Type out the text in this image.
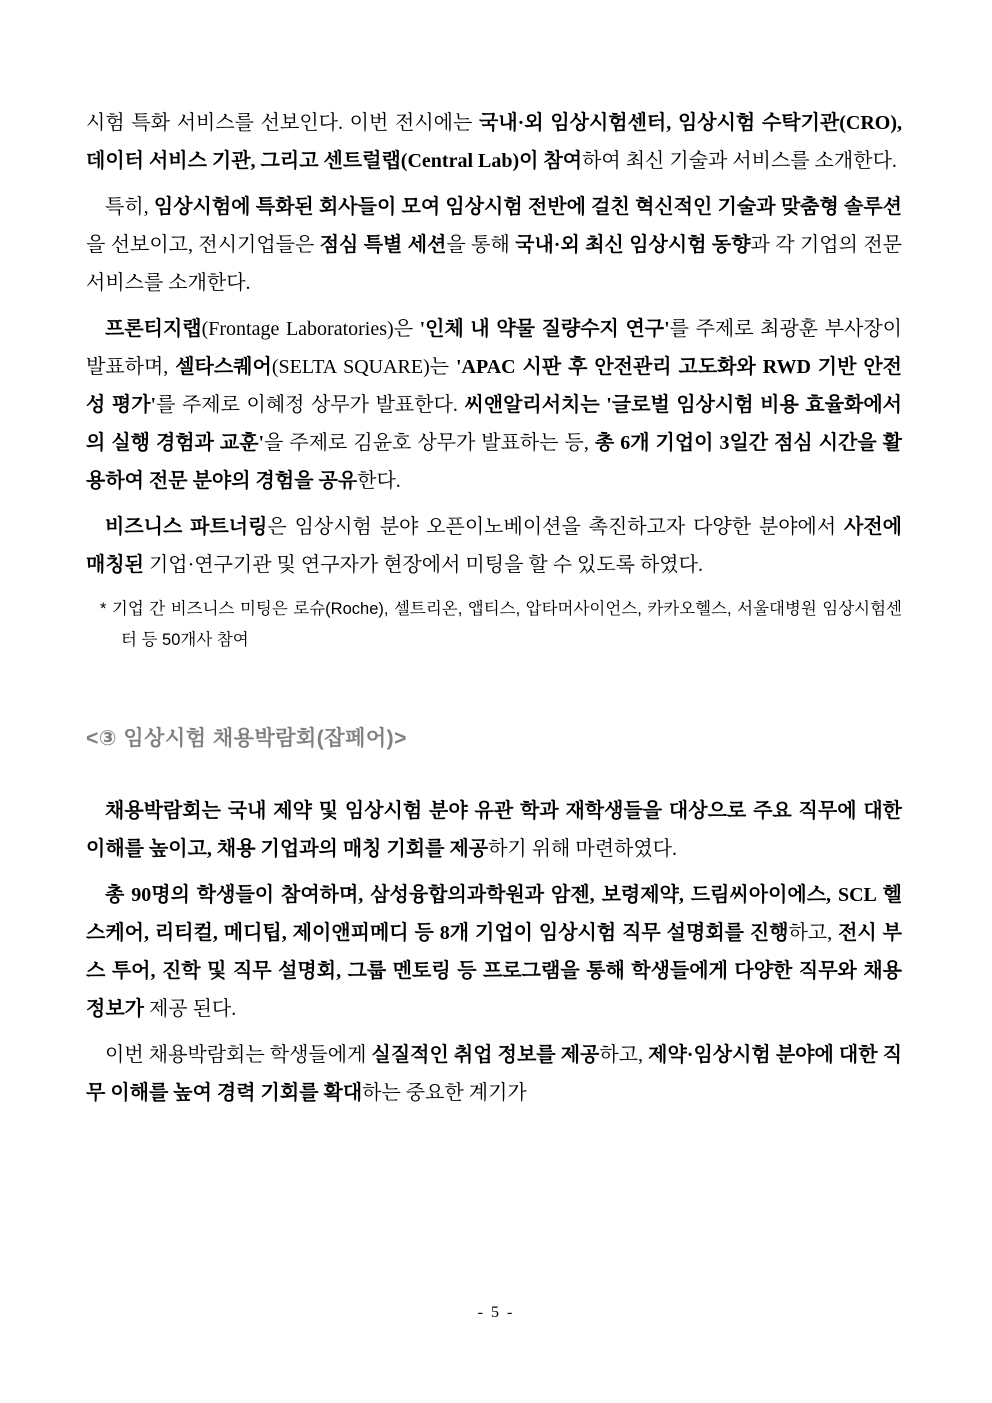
시험 특화 서비스를 선보인다. 이번 전시에는 국내·외 임상시험센터, 임상시험 수탁기관(CRO), 데이터 서비스 기관, 그리고 센트럴랩(Central Lab)이 참여하여 최신 기술과 서비스를 소개한다.

특히, 임상시험에 특화된 회사들이 모여 임상시험 전반에 걸친 혁신적인 기술과 맞춤형 솔루션을 선보이고, 전시기업들은 점심 특별 세션을 통해 국내·외 최신 임상시험 동향과 각 기업의 전문 서비스를 소개한다.

프론티지랩(Frontage Laboratories)은 '인체 내 약물 질량수지 연구'를 주제로 최광훈 부사장이 발표하며, 셀타스퀘어(SELTA SQUARE)는 'APAC 시판 후 안전관리 고도화와 RWD 기반 안전성 평가'를 주제로 이혜정 상무가 발표한다. 씨앤알리서치는 '글로벌 임상시험 비용 효율화에서의 실행 경험과 교훈'을 주제로 김윤호 상무가 발표하는 등, 총 6개 기업이 3일간 점심 시간을 활용하여 전문 분야의 경험을 공유한다.

비즈니스 파트너링은 임상시험 분야 오픈이노베이션을 촉진하고자 다양한 분야에서 사전에 매칭된 기업·연구기관 및 연구자가 현장에서 미팅을 할 수 있도록 하였다.

* 기업 간 비즈니스 미팅은 로슈(Roche), 셀트리온, 앱티스, 압타머사이언스, 카카오헬스, 서울대병원 임상시험센터 등 50개사 참여

<③ 임상시험 채용박람회(잡페어)>

채용박람회는 국내 제약 및 임상시험 분야 유관 학과 재학생들을 대상으로 주요 직무에 대한 이해를 높이고, 채용 기업과의 매칭 기회를 제공하기 위해 마련하였다.

총 90명의 학생들이 참여하며, 삼성융합의과학원과 암젠, 보령제약, 드림씨아이에스, SCL 헬스케어, 리티컬, 메디팁, 제이앤피메디 등 8개 기업이 임상시험 직무 설명회를 진행하고, 전시 부스 투어, 진학 및 직무 설명회, 그룹 멘토링 등 프로그램을 통해 학생들에게 다양한 직무와 채용 정보가 제공 된다.

이번 채용박람회는 학생들에게 실질적인 취업 정보를 제공하고, 제약·임상시험 분야에 대한 직무 이해를 높여 경력 기회를 확대하는 중요한 계기가

- 5 -
